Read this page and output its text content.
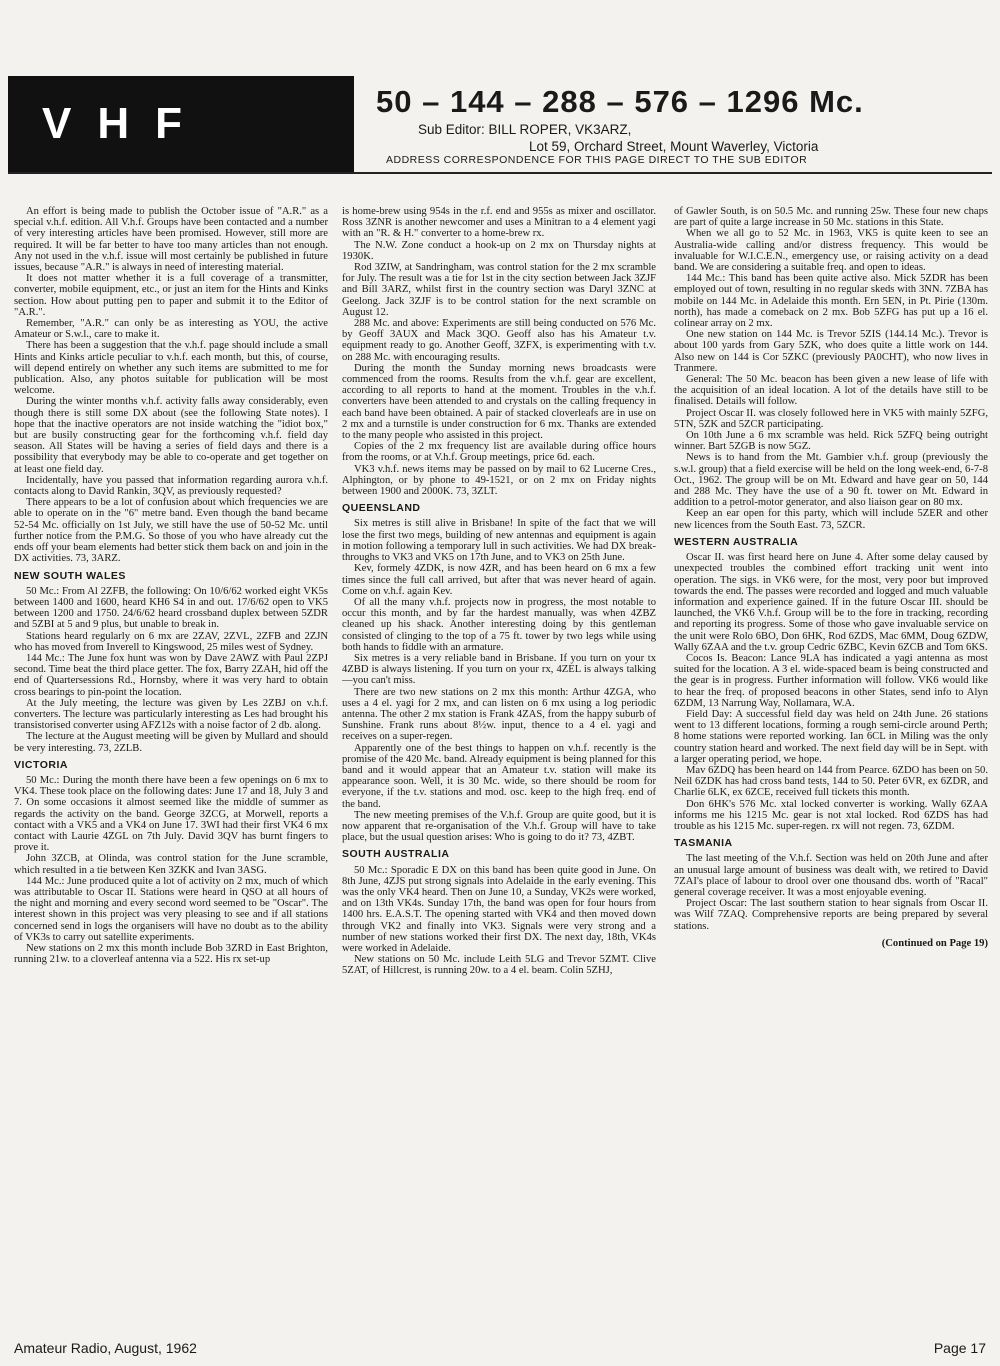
VHF	50 – 144 – 288 – 576 – 1296 Mc.
Sub Editor: BILL ROPER, VK3ARZ,
Lot 59, Orchard Street, Mount Waverley, Victoria
ADDRESS CORRESPONDENCE FOR THIS PAGE DIRECT TO THE SUB EDITOR

An effort is being made to publish the October issue of "A.R." as a special v.h.f. edition. All V.h.f. Groups have been contacted and a number of very interesting articles have been promised. However, still more are required. It will be far better to have too many articles than not enough. Any not used in the v.h.f. issue will most certainly be published in future issues, because "A.R." is always in need of interesting material.

It does not matter whether it is a full coverage of a transmitter, converter, mobile equipment, etc., or just an item for the Hints and Kinks section. How about putting pen to paper and submit it to the Editor of "A.R.".

Remember, "A.R." can only be as interesting as YOU, the active Amateur or S.w.l., care to make it.

There has been a suggestion that the v.h.f. page should include a small Hints and Kinks article peculiar to v.h.f. each month, but this, of course, will depend entirely on whether any such items are submitted to me for publication. Also, any photos suitable for publication will be most welcome.

During the winter months v.h.f. activity falls away considerably, even though there is still some DX about (see the following State notes). I hope that the inactive operators are not inside watching the "idiot box," but are busily constructing gear for the forthcoming v.h.f. field day season. All States will be having a series of field days and there is a possibility that everybody may be able to co-operate and get together on at least one field day.

Incidentally, have you passed that information regarding aurora v.h.f. contacts along to David Rankin, 3QV, as previously requested?

There appears to be a lot of confusion about which frequencies we are able to operate on in the "6" metre band. Even though the band became 52-54 Mc. officially on 1st July, we still have the use of 50-52 Mc. until further notice from the P.M.G. So those of you who have already cut the ends off your beam elements had better stick them back on and join in the DX activities. 73, 3ARZ.

NEW SOUTH WALES

50 Mc.: From Al 2ZFB, the following: On 10/6/62 worked eight VK5s between 1400 and 1600, heard KH6 S4 in and out. 17/6/62 open to VK5 between 1200 and 1750. 24/6/62 heard crossband duplex between 5ZDR and 5ZBI at 5 and 9 plus, but unable to break in.

Stations heard regularly on 6 mx are 2ZAV, 2ZVL, 2ZFB and 2ZJN who has moved from Inverell to Kingswood, 25 miles west of Sydney.

144 Mc.: The June fox hunt was won by Dave 2AWZ with Paul 2ZPJ second. Time beat the third place getter. The fox, Barry 2ZAH, hid off the end of Quartersessions Rd., Hornsby, where it was very hard to obtain cross bearings to pin-point the location.

At the July meeting, the lecture was given by Les 2ZBJ on v.h.f. converters. The lecture was particularly interesting as Les had brought his transistorised converter using AFZ12s with a noise factor of 2 db. along.

The lecture at the August meeting will be given by Mullard and should be very interesting. 73, 2ZLB.

VICTORIA

50 Mc.: During the month there have been a few openings on 6 mx to VK4. These took place on the following dates: June 17 and 18, July 3 and 7. On some occasions it almost seemed like the middle of summer as regards the activity on the band. George 3ZCG, at Morwell, reports a contact with a VK5 and a VK4 on June 17. 3WI had their first VK4 6 mx contact with Laurie 4ZGL on 7th July. David 3QV has burnt fingers to prove it.

John 3ZCB, at Olinda, was control station for the June scramble, which resulted in a tie between Ken 3ZKK and Ivan 3ASG.

144 Mc.: June produced quite a lot of activity on 2 mx, much of which was attributable to Oscar II. Stations were heard in QSO at all hours of the night and morning and every second word seemed to be "Oscar". The interest shown in this project was very pleasing to see and if all stations concerned send in logs the organisers will have no doubt as to the ability of VK3s to carry out satellite experiments.

New stations on 2 mx this month include Bob 3ZRD in East Brighton, running 21w. to a cloverleaf antenna via a 522. His rx set-up

is home-brew using 954s in the r.f. end and 955s as mixer and oscillator. Ross 3ZNR is another newcomer and uses a Minitran to a 4 element yagi with an "R. & H." converter to a home-brew rx.

The N.W. Zone conduct a hook-up on 2 mx on Thursday nights at 1930K.

Rod 3ZIW, at Sandringham, was control station for the 2 mx scramble for July. The result was a tie for 1st in the city section between Jack 3ZJF and Bill 3ARZ, whilst first in the country section was Daryl 3ZNC at Geelong. Jack 3ZJF is to be control station for the next scramble on August 12.

288 Mc. and above: Experiments are still being conducted on 576 Mc. by Geoff 3AUX and Mack 3QO. Geoff also has his Amateur t.v. equipment ready to go. Another Geoff, 3ZFX, is experimenting with t.v. on 288 Mc. with encouraging results.

During the month the Sunday morning news broadcasts were commenced from the rooms. Results from the v.h.f. gear are excellent, according to all reports to hand at the moment. Troubles in the v.h.f. converters have been attended to and crystals on the calling frequency in each band have been obtained. A pair of stacked cloverleafs are in use on 2 mx and a turnstile is under construction for 6 mx. Thanks are extended to the many people who assisted in this project.

Copies of the 2 mx frequency list are available during office hours from the rooms, or at V.h.f. Group meetings, price 6d. each.

VK3 v.h.f. news items may be passed on by mail to 62 Lucerne Cres., Alphington, or by phone to 49-1521, or on 2 mx on Friday nights between 1900 and 2000K. 73, 3ZLT.

QUEENSLAND

Six metres is still alive in Brisbane! In spite of the fact that we will lose the first two megs, building of new antennas and equipment is again in motion following a temporary lull in such activities. We had DX break-throughs to VK3 and VK5 on 17th June, and to VK3 on 25th June.

Kev, formely 4ZDK, is now 4ZR, and has been heard on 6 mx a few times since the full call arrived, but after that was never heard of again. Come on v.h.f. again Kev.

Of all the many v.h.f. projects now in progress, the most notable to occur this month, and by far the hardest manually, was when 4ZBZ cleaned up his shack. Another interesting doing by this gentleman consisted of clinging to the top of a 75 ft. tower by two legs while using both hands to fiddle with an armature.

Six metres is a very reliable band in Brisbane. If you turn on your tx 4ZBD is always listening. If you turn on your rx, 4ZEL is always talking—you can't miss.

There are two new stations on 2 mx this month: Arthur 4ZGA, who uses a 4 el. yagi for 2 mx, and can listen on 6 mx using a log periodic antenna. The other 2 mx station is Frank 4ZAS, from the happy suburb of Sunshine. Frank runs about 8½w. input, thence to a 4 el. yagi and receives on a super-regen.

Apparently one of the best things to happen on v.h.f. recently is the promise of the 420 Mc. band. Already equipment is being planned for this band and it would appear that an Amateur t.v. station will make its appearance soon. Well, it is 30 Mc. wide, so there should be room for everyone, if the t.v. stations and mod. osc. keep to the high freq. end of the band.

The new meeting premises of the V.h.f. Group are quite good, but it is now apparent that re-organisation of the V.h.f. Group will have to take place, but the usual question arises: Who is going to do it? 73, 4ZBT.

SOUTH AUSTRALIA

50 Mc.: Sporadic E DX on this band has been quite good in June. On 8th June, 4ZJS put strong signals into Adelaide in the early evening. This was the only VK4 heard. Then on June 10, a Sunday, VK2s were worked, and on 13th VK4s. Sunday 17th, the band was open for four hours from 1400 hrs. E.A.S.T. The opening started with VK4 and then moved down through VK2 and finally into VK3. Signals were very strong and a number of new stations worked their first DX. The next day, 18th, VK4s were worked in Adelaide.

New stations on 50 Mc. include Leith 5LG and Trevor 5ZMT. Clive 5ZAT, of Hillcrest, is running 20w. to a 4 el. beam. Colin 5ZHJ,

of Gawler South, is on 50.5 Mc. and running 25w. These four new chaps are part of quite a large increase in 50 Mc. stations in this State.

When we all go to 52 Mc. in 1963, VK5 is quite keen to see an Australia-wide calling and/or distress frequency. This would be invaluable for W.I.C.E.N., emergency use, or raising activity on a dead band. We are considering a suitable freq. and open to ideas.

144 Mc.: This band has been quite active also. Mick 5ZDR has been employed out of town, resulting in no regular skeds with 3NN. 7ZBA has mobile on 144 Mc. in Adelaide this month. Ern 5EN, in Pt. Pirie (130m. north), has made a comeback on 2 mx. Bob 5ZFG has put up a 16 el. colinear array on 2 mx.

One new station on 144 Mc. is Trevor 5ZIS (144.14 Mc.). Trevor is about 100 yards from Gary 5ZK, who does quite a little work on 144. Also new on 144 is Cor 5ZKC (previously PA0CHT), who now lives in Tranmere.

General: The 50 Mc. beacon has been given a new lease of life with the acquisition of an ideal location. A lot of the details have still to be finalised. Details will follow.

Project Oscar II. was closely followed here in VK5 with mainly 5ZFG, 5TN, 5ZK and 5ZCR participating.

On 10th June a 6 mx scramble was held. Rick 5ZFQ being outright winner. Bart 5ZGB is now 5GZ.

News is to hand from the Mt. Gambier v.h.f. group (previously the s.w.l. group) that a field exercise will be held on the long week-end, 6-7-8 Oct., 1962. The group will be on Mt. Edward and have gear on 50, 144 and 288 Mc. They have the use of a 90 ft. tower on Mt. Edward in addition to a petrol-motor generator, and also liaison gear on 80 mx.

Keep an ear open for this party, which will include 5ZER and other new licences from the South East. 73, 5ZCR.

WESTERN AUSTRALIA

Oscar II. was first heard here on June 4. After some delay caused by unexpected troubles the combined effort tracking unit went into operation. The sigs. in VK6 were, for the most, very poor but improved towards the end. The passes were recorded and logged and much valuable information and experience gained. If in the future Oscar III. should be launched, the VK6 V.h.f. Group will be to the fore in tracking, recording and reporting its progress. Some of those who gave invaluable service on the unit were Rolo 6BO, Don 6HK, Rod 6ZDS, Mac 6MM, Doug 6ZDW, Wally 6ZAA and the t.v. group Cedric 6ZBC, Kevin 6ZCB and Tom 6KS.

Cocos Is. Beacon: Lance 9LA has indicated a yagi antenna as most suited for the location. A 3 el. wide-spaced beam is being constructed and the gear is in progress. Further information will follow. VK6 would like to hear the freq. of proposed beacons in other States, send info to Alyn 6ZDM, 13 Narrung Way, Nollamara, W.A.

Field Day: A successful field day was held on 24th June. 26 stations went to 13 different locations, forming a rough semi-circle around Perth; 8 home stations were reported working. Ian 6CL in Miling was the only country station heard and worked. The next field day will be in Sept. with a larger operating period, we hope.

Mav 6ZDQ has been heard on 144 from Pearce. 6ZDO has been on 50. Neil 6ZDK has had cross band tests, 144 to 50. Peter 6VR, ex 6ZDR, and Charlie 6LK, ex 6ZCE, received full tickets this month.

Don 6HK's 576 Mc. xtal locked converter is working. Wally 6ZAA informs me his 1215 Mc. gear is not xtal locked. Rod 6ZDS has had trouble as his 1215 Mc. super-regen. rx will not regen. 73, 6ZDM.

TASMANIA

The last meeting of the V.h.f. Section was held on 20th June and after an unusual large amount of business was dealt with, we retired to David 7ZAI's place of labour to drool over one thousand dbs. worth of "Racal" general coverage receiver. It was a most enjoyable evening.

Project Oscar: The last southern station to hear signals from Oscar II. was Wilf 7ZAQ. Comprehensive reports are being prepared by several stations.

(Continued on Page 19)
Amateur Radio, August, 1962	Page 17
